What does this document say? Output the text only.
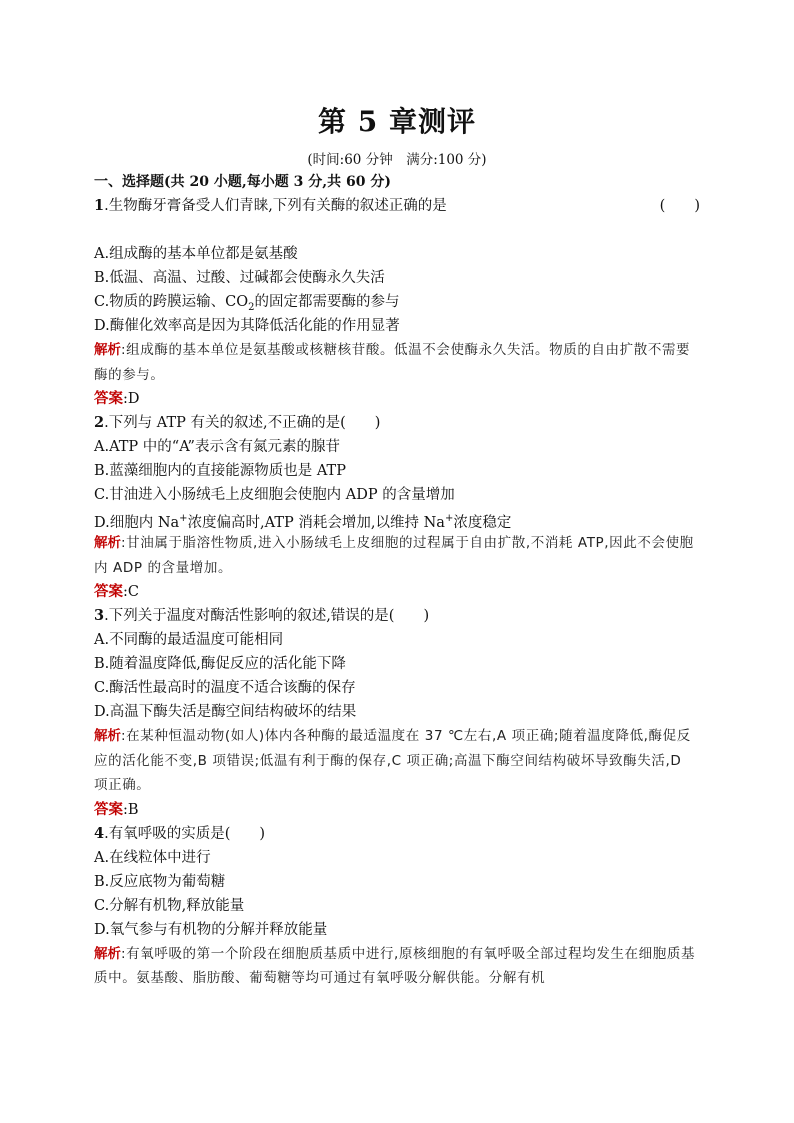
第 5 章测评
(时间:60 分钟　满分:100 分)
一、选择题(共 20 小题,每小题 3 分,共 60 分)
1.生物酶牙膏备受人们青睐,下列有关酶的叙述正确的是	(　　)
A.组成酶的基本单位都是氨基酸
B.低温、高温、过酸、过碱都会使酶永久失活
C.物质的跨膜运输、$CO_2$的固定都需要酶的参与
D.酶催化效率高是因为其降低活化能的作用显著
解析:组成酶的基本单位是氨基酸或核糖核苷酸。低温不会使酶永久失活。物质的自由扩散不需要酶的参与。
答案:D
2.下列与 ATP 有关的叙述,不正确的是(　　)
A.ATP 中的“A”表示含有氮元素的腺苷
B.蓝藻细胞内的直接能源物质也是 ATP
C.甘油进入小肠绒毛上皮细胞会使胞内 ADP 的含量增加
D.细胞内 Na+浓度偏高时,ATP 消耗会增加,以维持 Na+浓度稳定
解析:甘油属于脂溶性物质,进入小肠绒毛上皮细胞的过程属于自由扩散,不消耗 ATP,因此不会使胞内 ADP 的含量增加。
答案:C
3.下列关于温度对酶活性影响的叙述,错误的是(　　)
A.不同酶的最适温度可能相同
B.随着温度降低,酶促反应的活化能下降
C.酶活性最高时的温度不适合该酶的保存
D.高温下酶失活是酶空间结构破坏的结果
解析:在某种恒温动物(如人)体内各种酶的最适温度在 37 ℃左右,A 项正确;随着温度降低,酶促反应的活化能不变,B 项错误;低温有利于酶的保存,C 项正确;高温下酶空间结构破坏导致酶失活,D 项正确。
答案:B
4.有氧呼吸的实质是(　　)
A.在线粒体中进行
B.反应底物为葡萄糖
C.分解有机物,释放能量
D.氧气参与有机物的分解并释放能量
解析:有氧呼吸的第一个阶段在细胞质基质中进行,原核细胞的有氧呼吸全部过程均发生在细胞质基质中。氨基酸、脂肪酸、葡萄糖等均可通过有氧呼吸分解供能。分解有机
